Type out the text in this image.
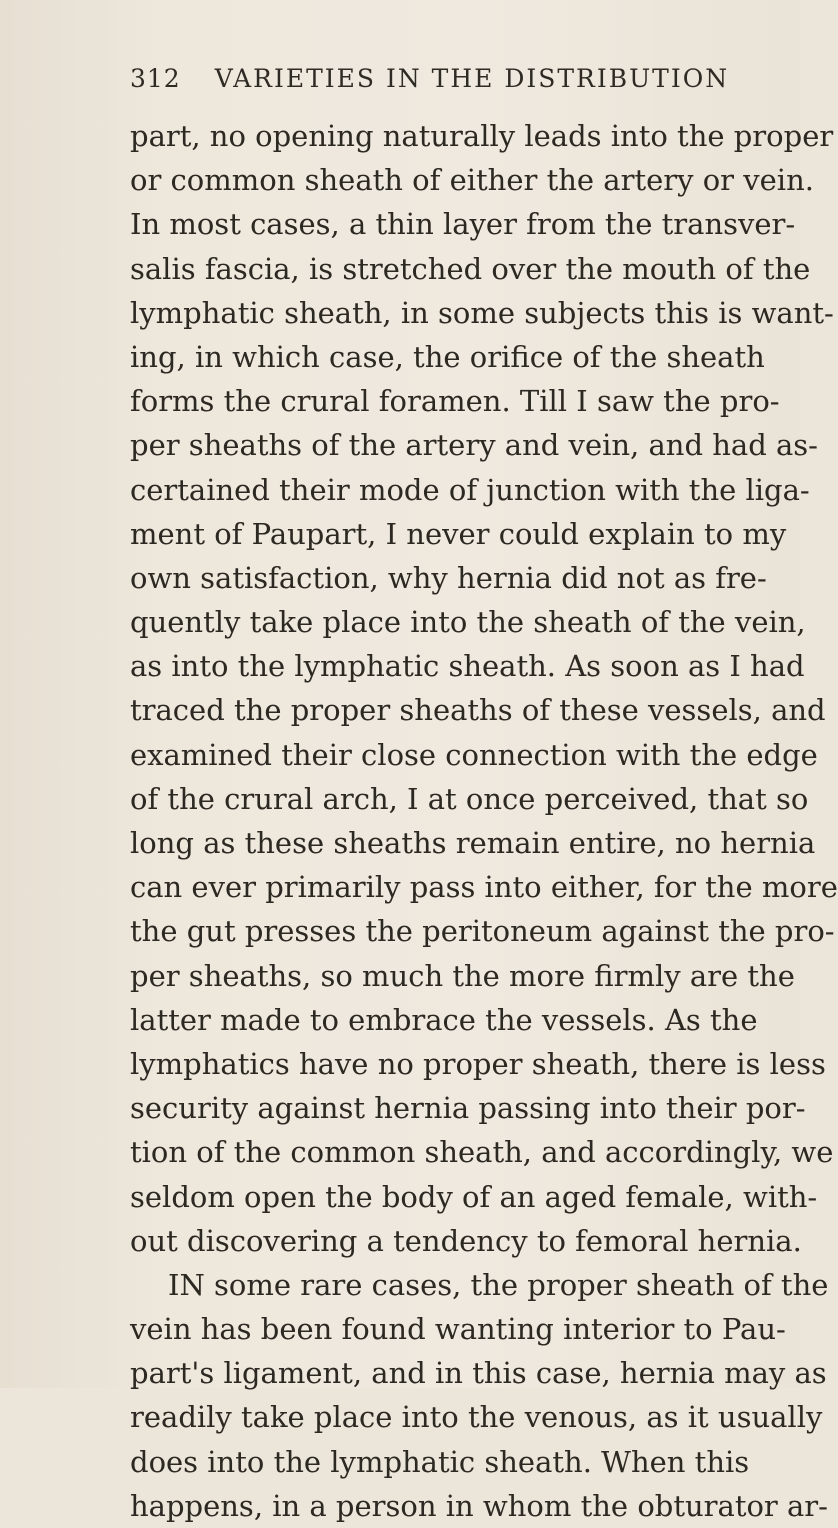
312 VARIETIES IN THE DISTRIBUTION
part, no opening naturally leads into the proper
or common sheath of either the artery or vein.
In most cases, a thin layer from the transver-
salis fascia, is stretched over the mouth of the
lymphatic sheath, in some subjects this is want-
ing, in which case, the orifice of the sheath
forms the crural foramen. Till I saw the pro-
per sheaths of the artery and vein, and had as-
certained their mode of junction with the liga-
ment of Paupart, I never could explain to my
own satisfaction, why hernia did not as fre-
quently take place into the sheath of the vein,
as into the lymphatic sheath. As soon as I had
traced the proper sheaths of these vessels, and
examined their close connection with the edge
of the crural arch, I at once perceived, that so
long as these sheaths remain entire, no hernia
can ever primarily pass into either, for the more
the gut presses the peritoneum against the pro-
per sheaths, so much the more firmly are the
latter made to embrace the vessels. As the
lymphatics have no proper sheath, there is less
security against hernia passing into their por-
tion of the common sheath, and accordingly, we
seldom open the body of an aged female, with-
out discovering a tendency to femoral hernia.
IN some rare cases, the proper sheath of the
vein has been found wanting interior to Pau-
part's ligament, and in this case, hernia may as
readily take place into the venous, as it usually
does into the lymphatic sheath. When this
happens, in a person in whom the obturator ar-
